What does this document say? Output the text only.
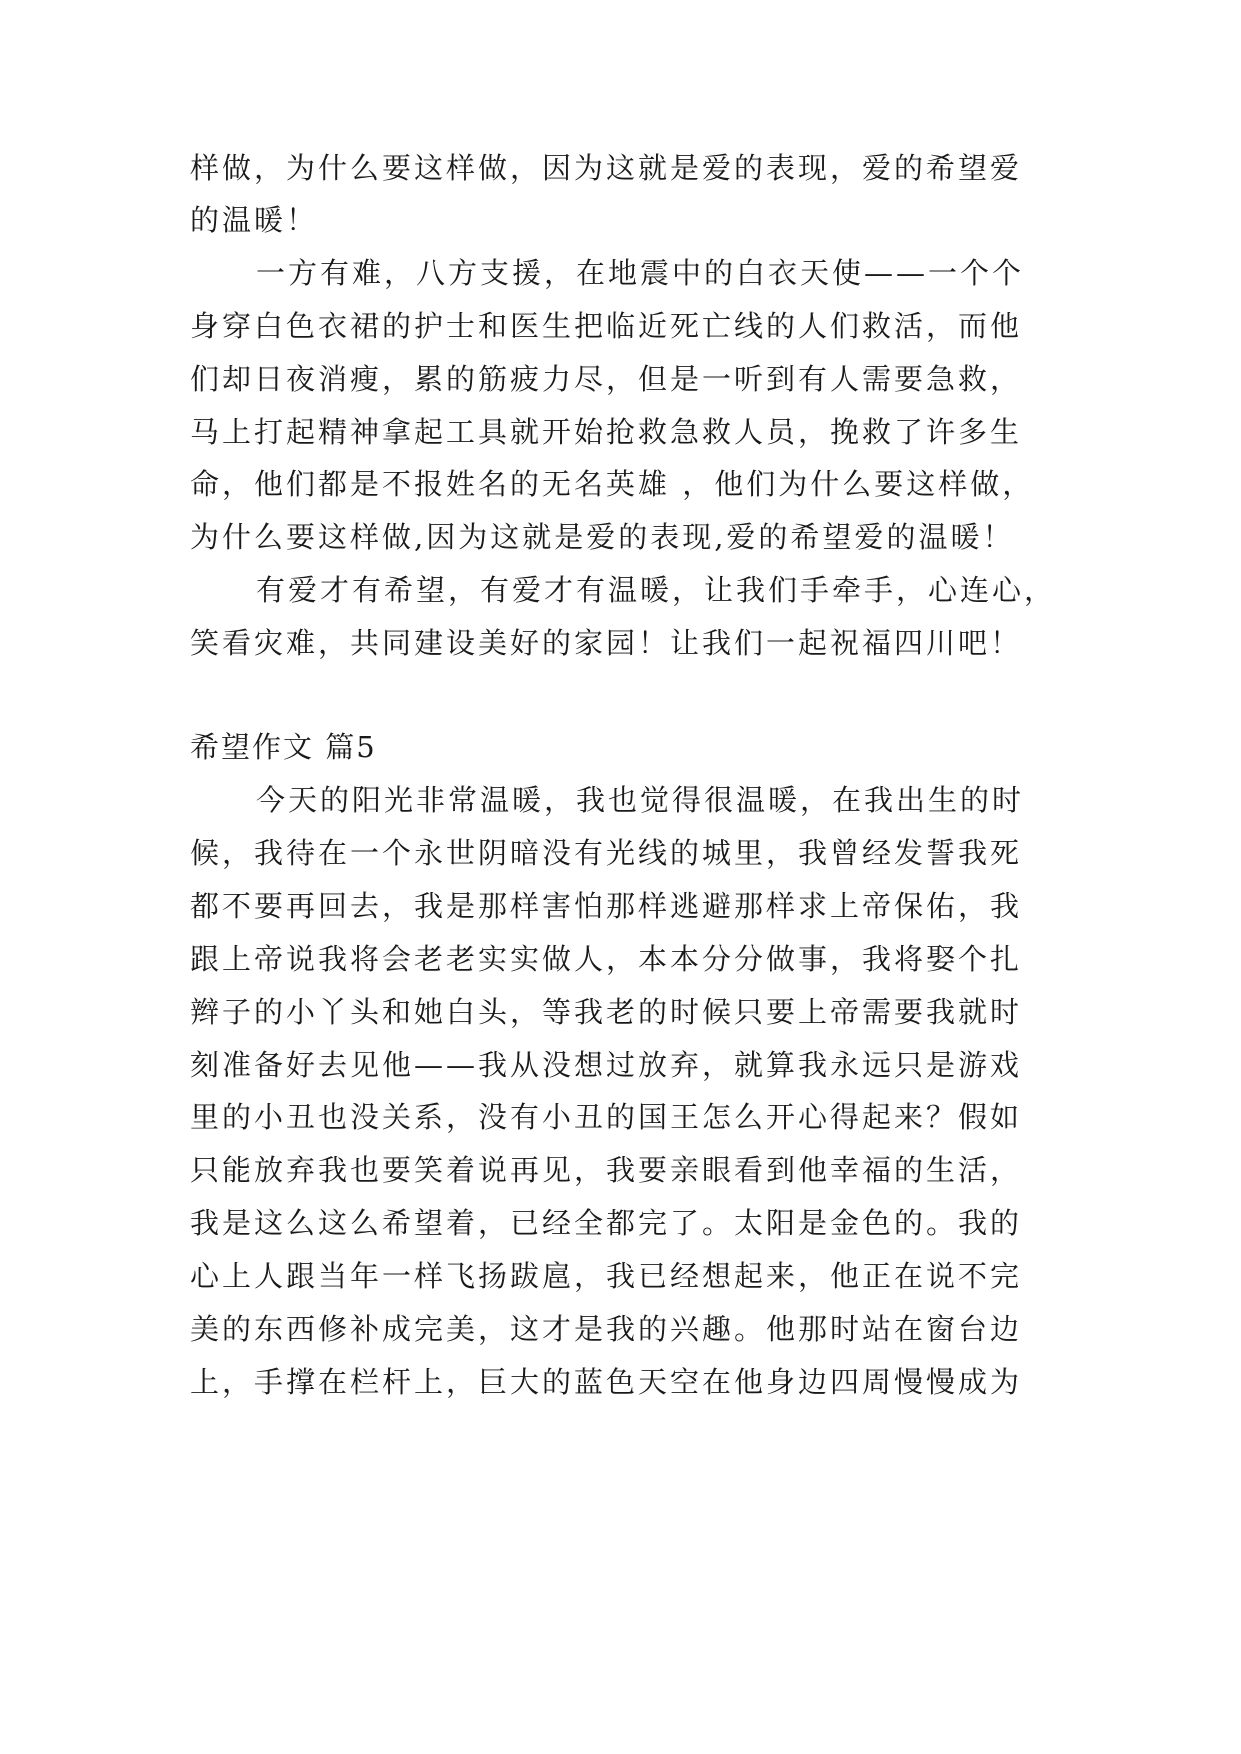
样做，为什么要这样做，因为这就是爱的表现，爱的希望爱
的温暖！
一方有难，八方支援，在地震中的白衣天使——一个个
身穿白色衣裙的护士和医生把临近死亡线的人们救活，而他
们却日夜消瘦，累的筋疲力尽，但是一听到有人需要急救，
马上打起精神拿起工具就开始抢救急救人员，挽救了许多生
命，他们都是不报姓名的无名英雄 ，他们为什么要这样做，
为什么要这样做,因为这就是爱的表现,爱的希望爱的温暖！
有爱才有希望，有爱才有温暖，让我们手牵手，心连心，
笑看灾难，共同建设美好的家园！让我们一起祝福四川吧！
希望作文 篇5
今天的阳光非常温暖，我也觉得很温暖，在我出生的时
候，我待在一个永世阴暗没有光线的城里，我曾经发誓我死
都不要再回去，我是那样害怕那样逃避那样求上帝保佑，我
跟上帝说我将会老老实实做人，本本分分做事，我将娶个扎
辫子的小丫头和她白头，等我老的时候只要上帝需要我就时
刻准备好去见他——我从没想过放弃，就算我永远只是游戏
里的小丑也没关系，没有小丑的国王怎么开心得起来？假如
只能放弃我也要笑着说再见，我要亲眼看到他幸福的生活，
我是这么这么希望着，已经全都完了。太阳是金色的。我的
心上人跟当年一样飞扬跋扈，我已经想起来，他正在说不完
美的东西修补成完美，这才是我的兴趣。他那时站在窗台边
上，手撑在栏杆上，巨大的蓝色天空在他身边四周慢慢成为
